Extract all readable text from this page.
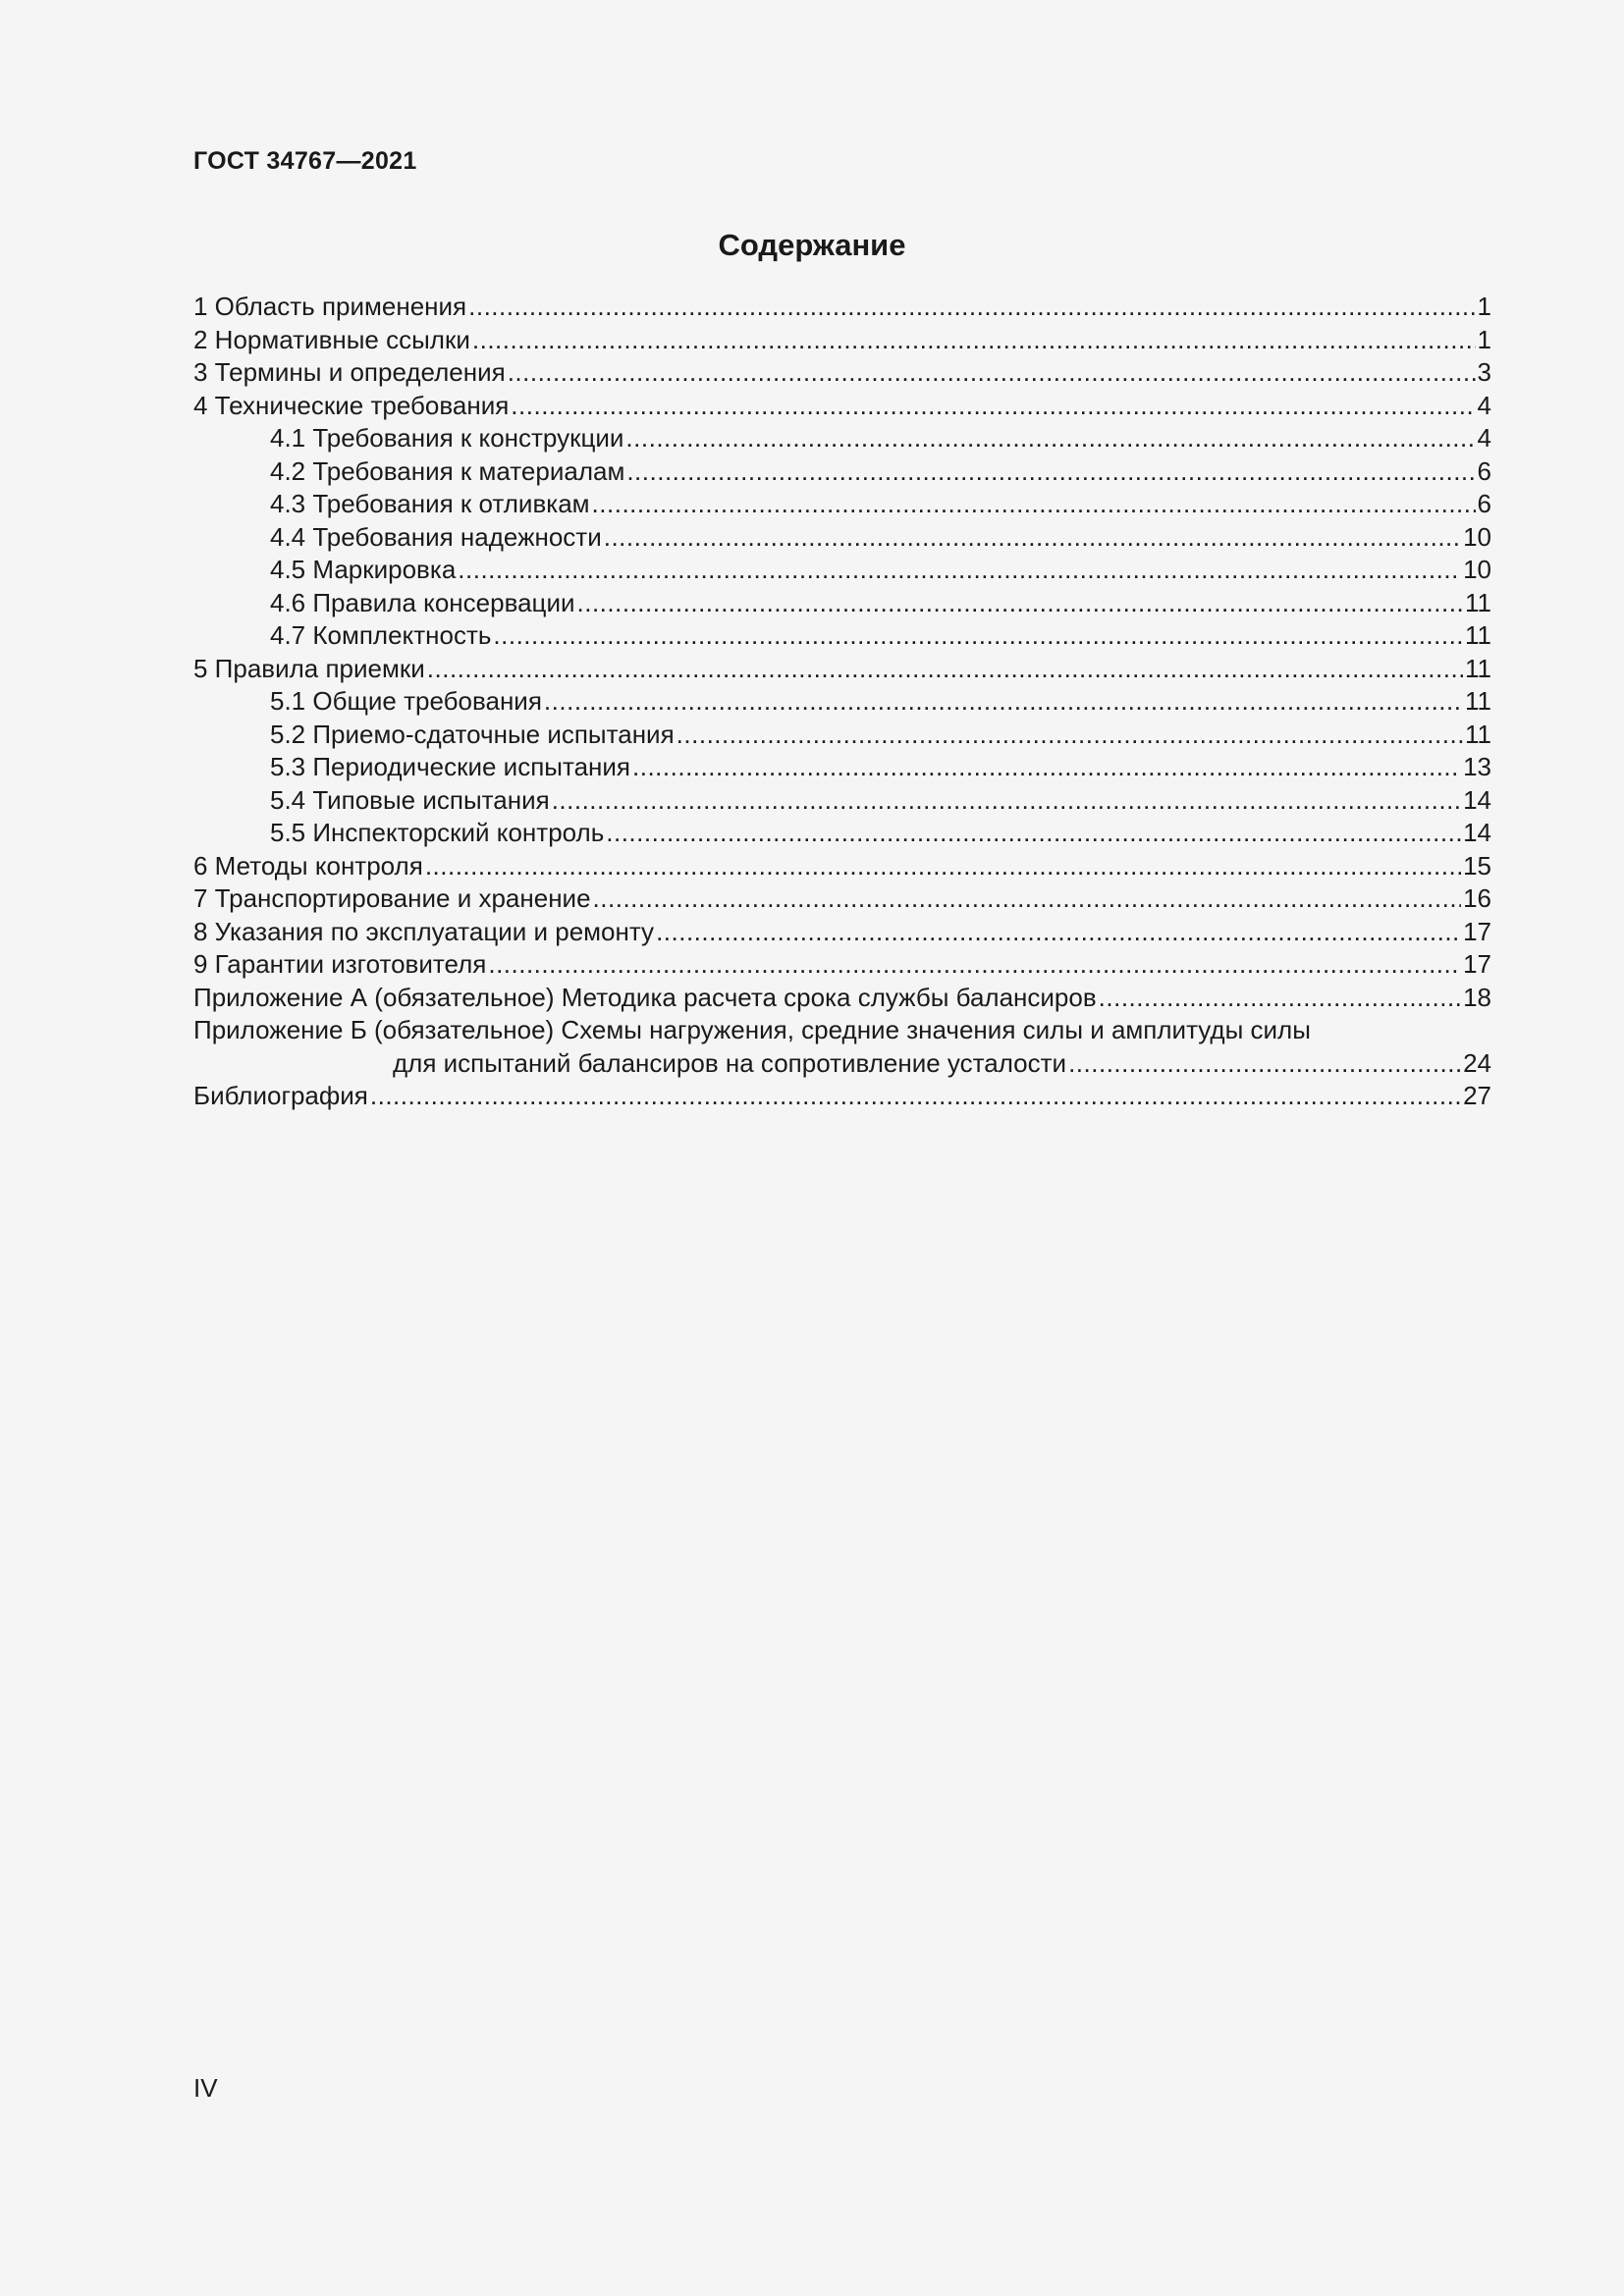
ГОСТ 34767—2021
Содержание
1 Область применения .....	1
2 Нормативные ссылки .....	1
3 Термины и определения .....	3
4 Технические требования .....	4
4.1 Требования к конструкции .....	4
4.2 Требования к материалам .....	6
4.3 Требования к отливкам .....	6
4.4 Требования надежности .....	10
4.5 Маркировка .....	10
4.6 Правила консервации .....	11
4.7 Комплектность .....	11
5 Правила приемки .....	11
5.1 Общие требования .....	11
5.2 Приемо-сдаточные испытания .....	11
5.3 Периодические испытания .....	13
5.4 Типовые испытания .....	14
5.5 Инспекторский контроль .....	14
6 Методы контроля .....	15
7 Транспортирование и хранение .....	16
8 Указания по эксплуатации и ремонту .....	17
9 Гарантии изготовителя .....	17
Приложение А (обязательное) Методика расчета срока службы балансиров .....	18
Приложение Б (обязательное) Схемы нагружения, средние значения силы и амплитуды силы
для испытаний балансиров на сопротивление усталости .....	24
Библиография .....	27
IV
